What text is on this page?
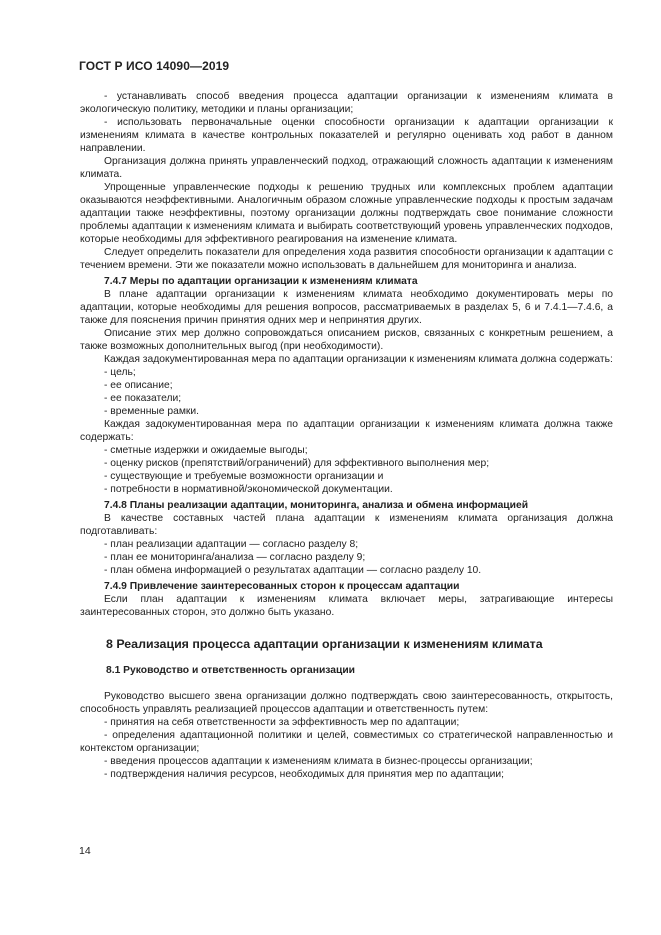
ГОСТ Р ИСО 14090—2019
- устанавливать способ введения процесса адаптации организации к изменениям климата в экологическую политику, методики и планы организации;
- использовать первоначальные оценки способности организации к адаптации организации к изменениям климата в качестве контрольных показателей и регулярно оценивать ход работ в данном направлении.
Организация должна принять управленческий подход, отражающий сложность адаптации к изменениям климата.
Упрощенные управленческие подходы к решению трудных или комплексных проблем адаптации оказываются неэффективными. Аналогичным образом сложные управленческие подходы к простым задачам адаптации также неэффективны, поэтому организации должны подтверждать свое понимание сложности проблемы адаптации к изменениям климата и выбирать соответствующий уровень управленческих подходов, которые необходимы для эффективного реагирования на изменение климата.
Следует определить показатели для определения хода развития способности организации к адаптации с течением времени. Эти же показатели можно использовать в дальнейшем для мониторинга и анализа.
7.4.7 Меры по адаптации организации к изменениям климата
В плане адаптации организации к изменениям климата необходимо документировать меры по адаптации, которые необходимы для решения вопросов, рассматриваемых в разделах 5, 6 и 7.4.1—7.4.6, а также для пояснения причин принятия одних мер и непринятия других.
Описание этих мер должно сопровождаться описанием рисков, связанных с конкретным решением, а также возможных дополнительных выгод (при необходимости).
Каждая задокументированная мера по адаптации организации к изменениям климата должна содержать:
- цель;
- ее описание;
- ее показатели;
- временные рамки.
Каждая задокументированная мера по адаптации организации к изменениям климата должна также содержать:
- сметные издержки и ожидаемые выгоды;
- оценку рисков (препятствий/ограничений) для эффективного выполнения мер;
- существующие и требуемые возможности организации и
- потребности в нормативной/экономической документации.
7.4.8 Планы реализации адаптации, мониторинга, анализа и обмена информацией
В качестве составных частей плана адаптации к изменениям климата организация должна подготавливать:
- план реализации адаптации — согласно разделу 8;
- план ее мониторинга/анализа — согласно разделу 9;
- план обмена информацией о результатах адаптации — согласно разделу 10.
7.4.9 Привлечение заинтересованных сторон к процессам адаптации
Если план адаптации к изменениям климата включает меры, затрагивающие интересы заинтересованных сторон, это должно быть указано.
8 Реализация процесса адаптации организации к изменениям климата
8.1 Руководство и ответственность организации
Руководство высшего звена организации должно подтверждать свою заинтересованность, открытость, способность управлять реализацией процессов адаптации и ответственность путем:
- принятия на себя ответственности за эффективность мер по адаптации;
- определения адаптационной политики и целей, совместимых со стратегической направленностью и контекстом организации;
- введения процессов адаптации к изменениям климата в бизнес-процессы организации;
- подтверждения наличия ресурсов, необходимых для принятия мер по адаптации;
14
